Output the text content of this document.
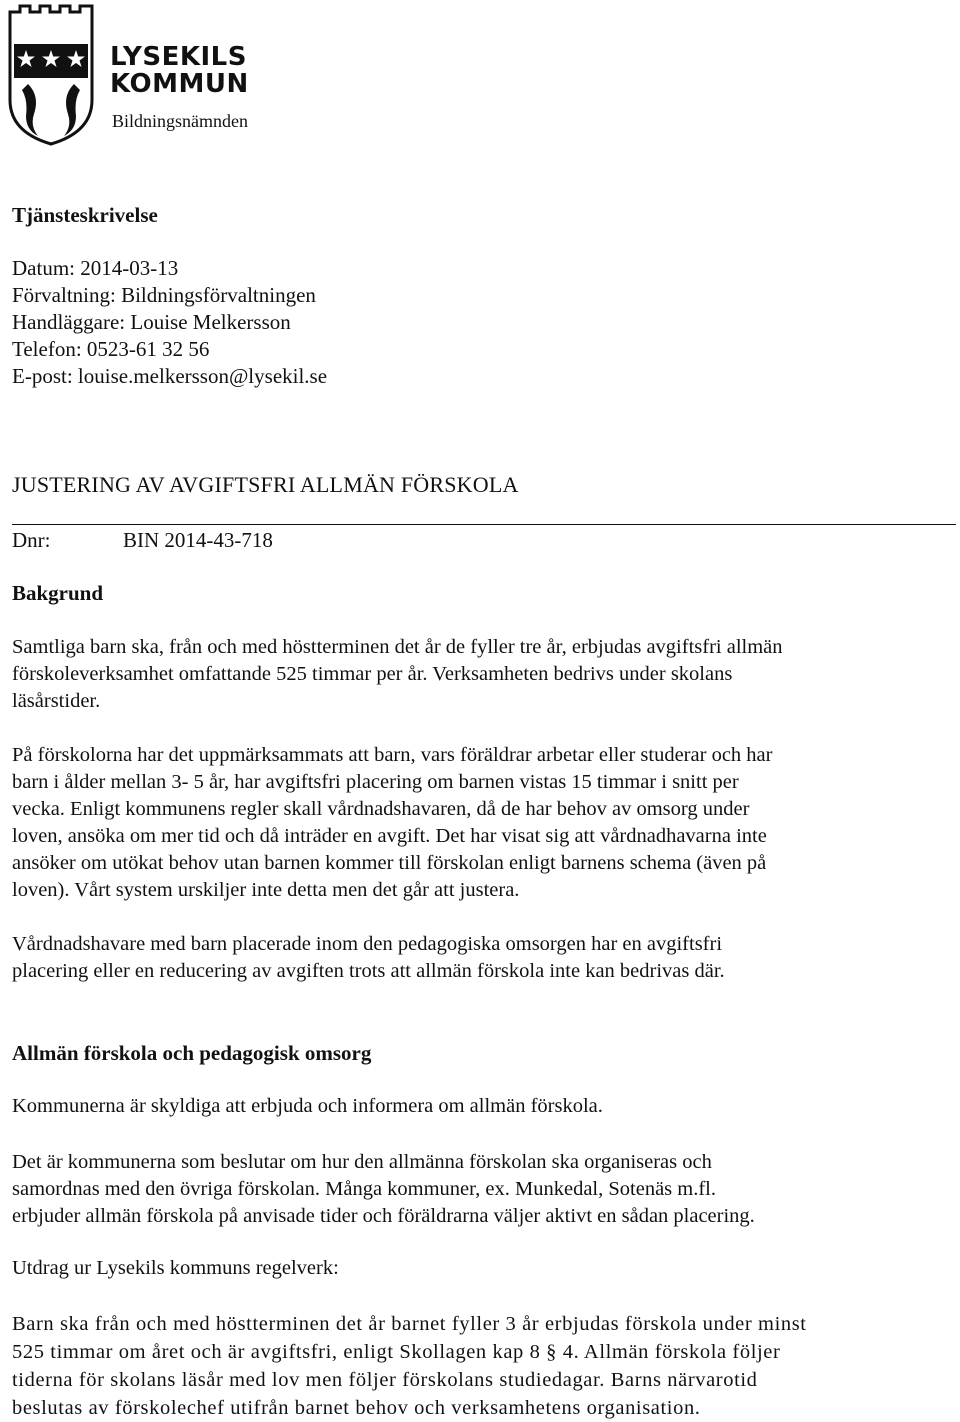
LYSEKILS
KOMMUN
Bildningsnämnden
Tjänsteskrivelse
Datum: 2014-03-13
Förvaltning: Bildningsförvaltningen
Handläggare: Louise Melkersson
Telefon: 0523-61 32 56
E-post: louise.melkersson@lysekil.se
JUSTERING AV AVGIFTSFRI ALLMÄN FÖRSKOLA
Dnr:	BIN 2014-43-718
Bakgrund
Samtliga barn ska, från och med höstterminen det år de fyller tre år, erbjudas avgiftsfri allmän
förskoleverksamhet omfattande 525 timmar per år. Verksamheten bedrivs under skolans
läsårstider.
På förskolorna har det uppmärksammats att barn, vars föräldrar arbetar eller studerar och har
barn i ålder mellan 3- 5 år, har avgiftsfri placering om barnen vistas 15 timmar i snitt per
vecka. Enligt kommunens regler skall vårdnadshavaren, då de har behov av omsorg under
loven, ansöka om mer tid och då inträder en avgift. Det har visat sig att vårdnadhavarna inte
ansöker om utökat behov utan barnen kommer till förskolan enligt barnens schema (även på
loven). Vårt system urskiljer inte detta men det går att justera.
Vårdnadshavare med barn placerade inom den pedagogiska omsorgen har en avgiftsfri
placering eller en reducering av avgiften trots att allmän förskola inte kan bedrivas där.
Allmän förskola och pedagogisk omsorg
Kommunerna är skyldiga att erbjuda och informera om allmän förskola.
Det är kommunerna som beslutar om hur den allmänna förskolan ska organiseras och
samordnas med den övriga förskolan. Många kommuner, ex. Munkedal, Sotenäs m.fl.
erbjuder allmän förskola på anvisade tider och föräldrarna väljer aktivt en sådan placering.
Utdrag ur Lysekils kommuns regelverk:
Barn ska från och med höstterminen det år barnet fyller 3 år erbjudas förskola under minst
525 timmar om året och är avgiftsfri, enligt Skollagen kap 8 § 4. Allmän förskola följer
tiderna för skolans läsår med lov men följer förskolans studiedagar. Barns närvarotid
beslutas av förskolechef utifrån barnet behov och verksamhetens organisation.
